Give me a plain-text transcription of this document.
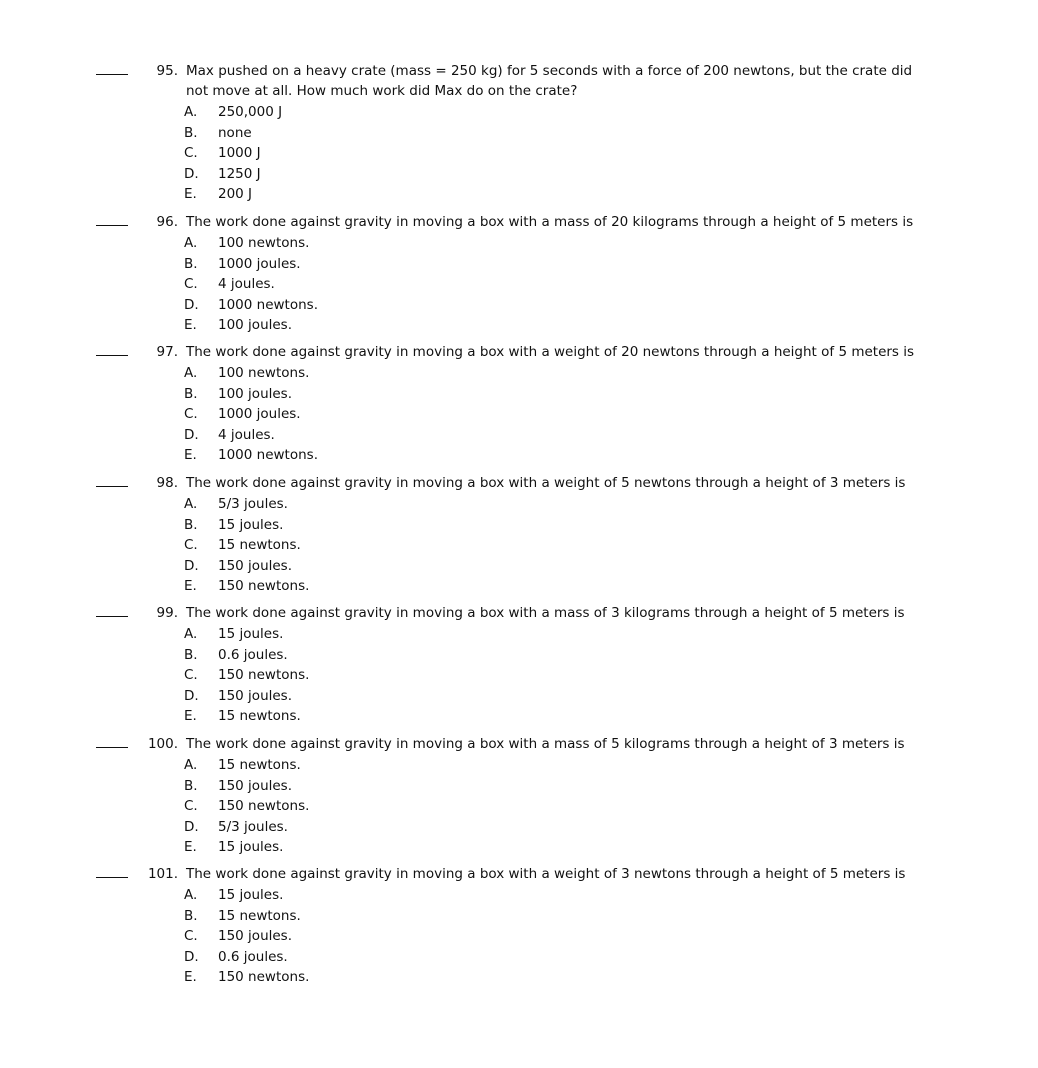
95. Max pushed on a heavy crate (mass = 250 kg) for 5 seconds with a force of 200 newtons, but the crate did
not move at all. How much work did Max do on the crate?
A. 250,000 J
B. none
C. 1000 J
D. 1250 J
E. 200 J
96. The work done against gravity in moving a box with a mass of 20 kilograms through a height of 5 meters is
A. 100 newtons.
B. 1000 joules.
C. 4 joules.
D. 1000 newtons.
E. 100 joules.
97. The work done against gravity in moving a box with a weight of 20 newtons through a height of 5 meters is
A. 100 newtons.
B. 100 joules.
C. 1000 joules.
D. 4 joules.
E. 1000 newtons.
98. The work done against gravity in moving a box with a weight of 5 newtons through a height of 3 meters is
A. 5/3 joules.
B. 15 joules.
C. 15 newtons.
D. 150 joules.
E. 150 newtons.
99. The work done against gravity in moving a box with a mass of 3 kilograms through a height of 5 meters is
A. 15 joules.
B. 0.6 joules.
C. 150 newtons.
D. 150 joules.
E. 15 newtons.
100. The work done against gravity in moving a box with a mass of 5 kilograms through a height of 3 meters is
A. 15 newtons.
B. 150 joules.
C. 150 newtons.
D. 5/3 joules.
E. 15 joules.
101. The work done against gravity in moving a box with a weight of 3 newtons through a height of 5 meters is
A. 15 joules.
B. 15 newtons.
C. 150 joules.
D. 0.6 joules.
E. 150 newtons.
